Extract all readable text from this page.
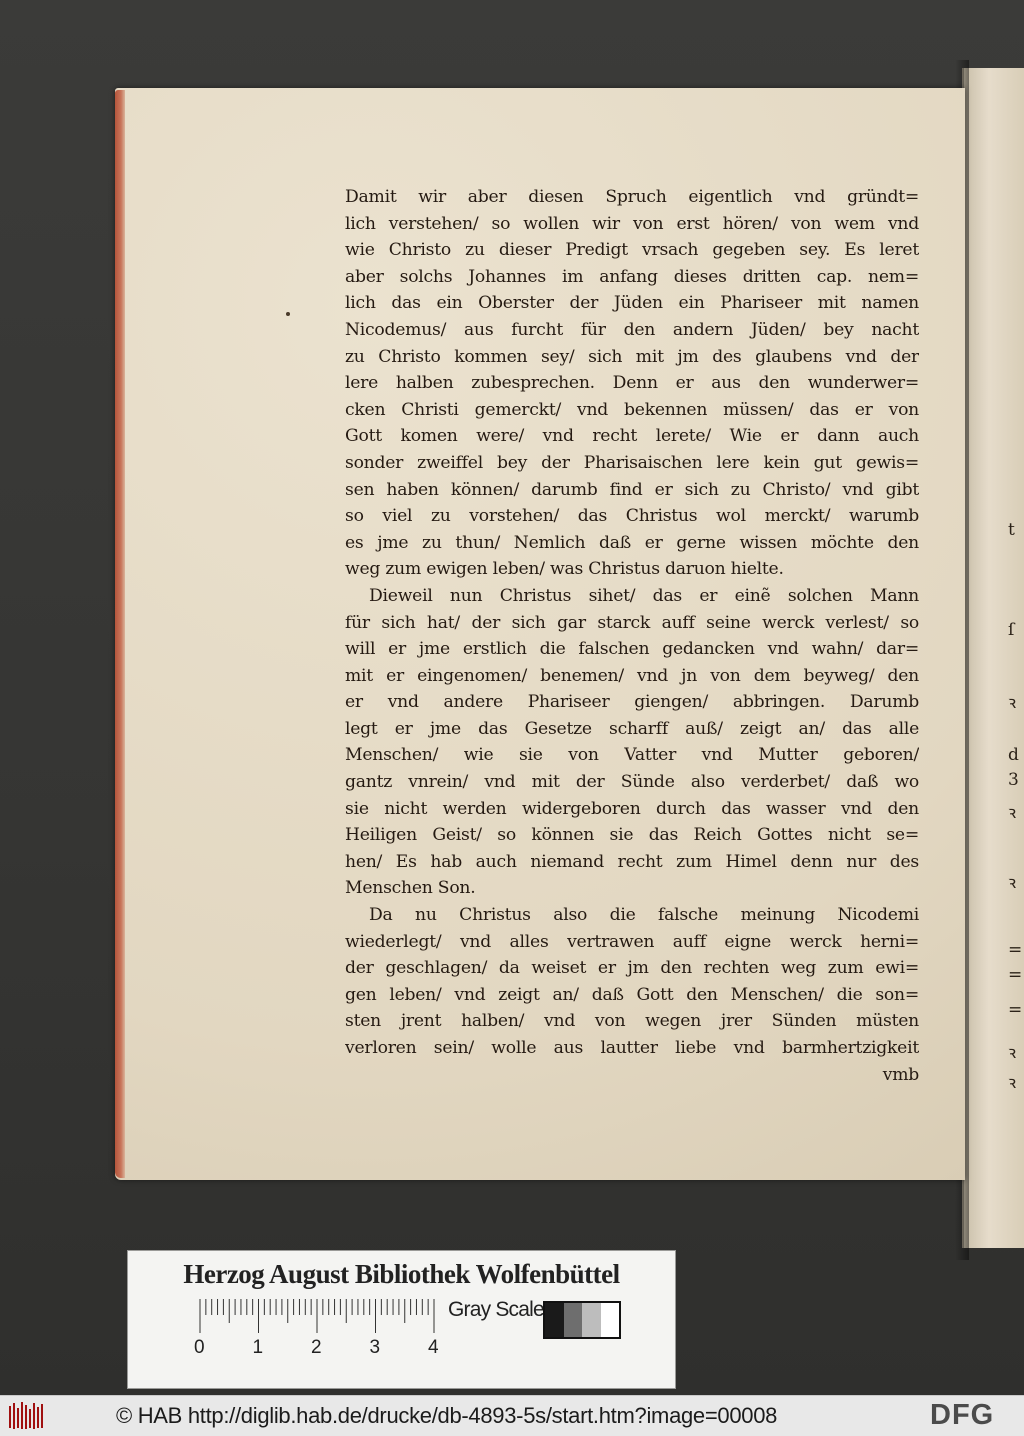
t
ſ
ꝛ
d
3
ꝛ
ꝛ
=
=
=
ꝛ
ꝛ
Damit wir aber diesen Spruch eigentlich vnd gründt=
lich verstehen/ so wollen wir von erst hören/ von wem vnd
wie Christo zu dieser Predigt vrsach gegeben sey. Es leret
aber solchs Johannes im anfang dieses dritten cap. nem=
lich das ein Oberster der Jüden ein Phariseer mit namen
Nicodemus/ aus furcht für den andern Jüden/ bey nacht
zu Christo kommen sey/ sich mit jm des glaubens vnd der
lere halben zubesprechen. Denn er aus den wunderwer=
cken Christi gemerckt/ vnd bekennen müssen/ das er von
Gott komen were/ vnd recht lerete/ Wie er dann auch
sonder zweiffel bey der Pharisaischen lere kein gut gewis=
sen haben können/ darumb find er sich zu Christo/ vnd gibt
so viel zu vorstehen/ das Christus wol merckt/ warumb
es jme zu thun/ Nemlich daß er gerne wissen möchte den
weg zum ewigen leben/ was Christus daruon hielte.
Dieweil nun Christus sihet/ das er einẽ solchen Mann
für sich hat/ der sich gar starck auff seine werck verlest/ so
will er jme erstlich die falschen gedancken vnd wahn/ dar=
mit er eingenomen/ benemen/ vnd jn von dem beyweg/ den
er vnd andere Phariseer giengen/ abbringen. Darumb
legt er jme das Gesetze scharff auß/ zeigt an/ das alle
Menschen/ wie sie von Vatter vnd Mutter geboren/
gantz vnrein/ vnd mit der Sünde also verderbet/ daß wo
sie nicht werden widergeboren durch das wasser vnd den
Heiligen Geist/ so können sie das Reich Gottes nicht se=
hen/ Es hab auch niemand recht zum Himel denn nur des
Menschen Son.
Da nu Christus also die falsche meinung Nicodemi
wiederlegt/ vnd alles vertrawen auff eigne werck herni=
der geschlagen/ da weiset er jm den rechten weg zum ewi=
gen leben/ vnd zeigt an/ daß Gott den Menschen/ die son=
sten jrent halben/ vnd von wegen jrer Sünden müsten
verloren sein/ wolle aus lautter liebe vnd barmhertzigkeit
vmb
Herzog August Bibliothek Wolfenbüttel
0	1	2	3	4
Gray Scale
© HAB http://diglib.hab.de/drucke/db-4893-5s/start.htm?image=00008	DFG
